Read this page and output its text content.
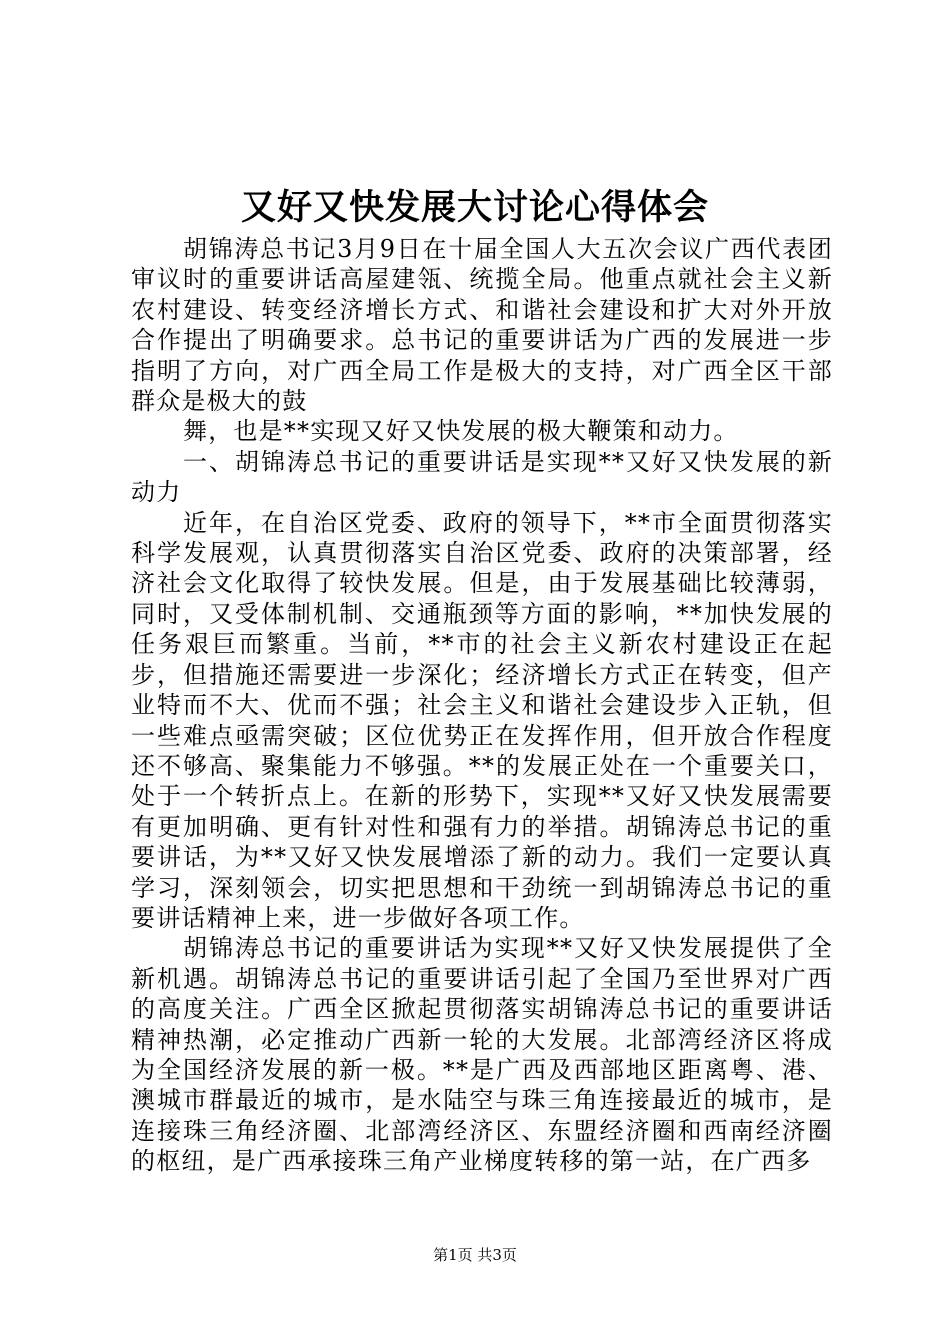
又好又快发展大讨论心得体会

胡锦涛总书记3月9日在十届全国人大五次会议广西代表团审议时的重要讲话高屋建瓴、统揽全局。他重点就社会主义新农村建设、转变经济增长方式、和谐社会建设和扩大对外开放合作提出了明确要求。总书记的重要讲话为广西的发展进一步指明了方向，对广西全局工作是极大的支持，对广西全区干部群众是极大的鼓

舞，也是**实现又好又快发展的极大鞭策和动力。

一、胡锦涛总书记的重要讲话是实现**又好又快发展的新动力

近年，在自治区党委、政府的领导下，**市全面贯彻落实科学发展观，认真贯彻落实自治区党委、政府的决策部署，经济社会文化取得了较快发展。但是，由于发展基础比较薄弱，同时，又受体制机制、交通瓶颈等方面的影响，**加快发展的任务艰巨而繁重。当前，**市的社会主义新农村建设正在起步，但措施还需要进一步深化；经济增长方式正在转变，但产业特而不大、优而不强；社会主义和谐社会建设步入正轨，但一些难点亟需突破；区位优势正在发挥作用，但开放合作程度还不够高、聚集能力不够强。**的发展正处在一个重要关口，处于一个转折点上。在新的形势下，实现**又好又快发展需要有更加明确、更有针对性和强有力的举措。胡锦涛总书记的重要讲话，为**又好又快发展增添了新的动力。我们一定要认真学习，深刻领会，切实把思想和干劲统一到胡锦涛总书记的重要讲话精神上来，进一步做好各项工作。

胡锦涛总书记的重要讲话为实现**又好又快发展提供了全新机遇。胡锦涛总书记的重要讲话引起了全国乃至世界对广西的高度关注。广西全区掀起贯彻落实胡锦涛总书记的重要讲话精神热潮，必定推动广西新一轮的大发展。北部湾经济区将成为全国经济发展的新一极。**是广西及西部地区距离粤、港、澳城市群最近的城市，是水陆空与珠三角连接最近的城市，是连接珠三角经济圈、北部湾经济区、东盟经济圈和西南经济圈的枢纽，是广西承接珠三角产业梯度转移的第一站，在广西多

第1页 共3页
